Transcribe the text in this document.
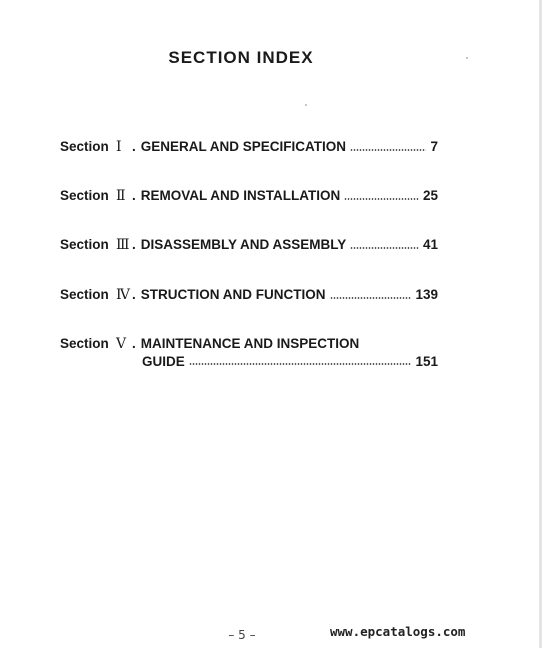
SECTION INDEX
Section Ⅰ . GENERAL AND SPECIFICATION	7
Section Ⅱ . REMOVAL AND INSTALLATION	25
Section Ⅲ . DISASSEMBLY AND ASSEMBLY	41
Section Ⅳ . STRUCTION AND FUNCTION	139
Section Ⅴ . MAINTENANCE AND INSPECTION
GUIDE	151
– 5 –	www.epcatalogs.com
